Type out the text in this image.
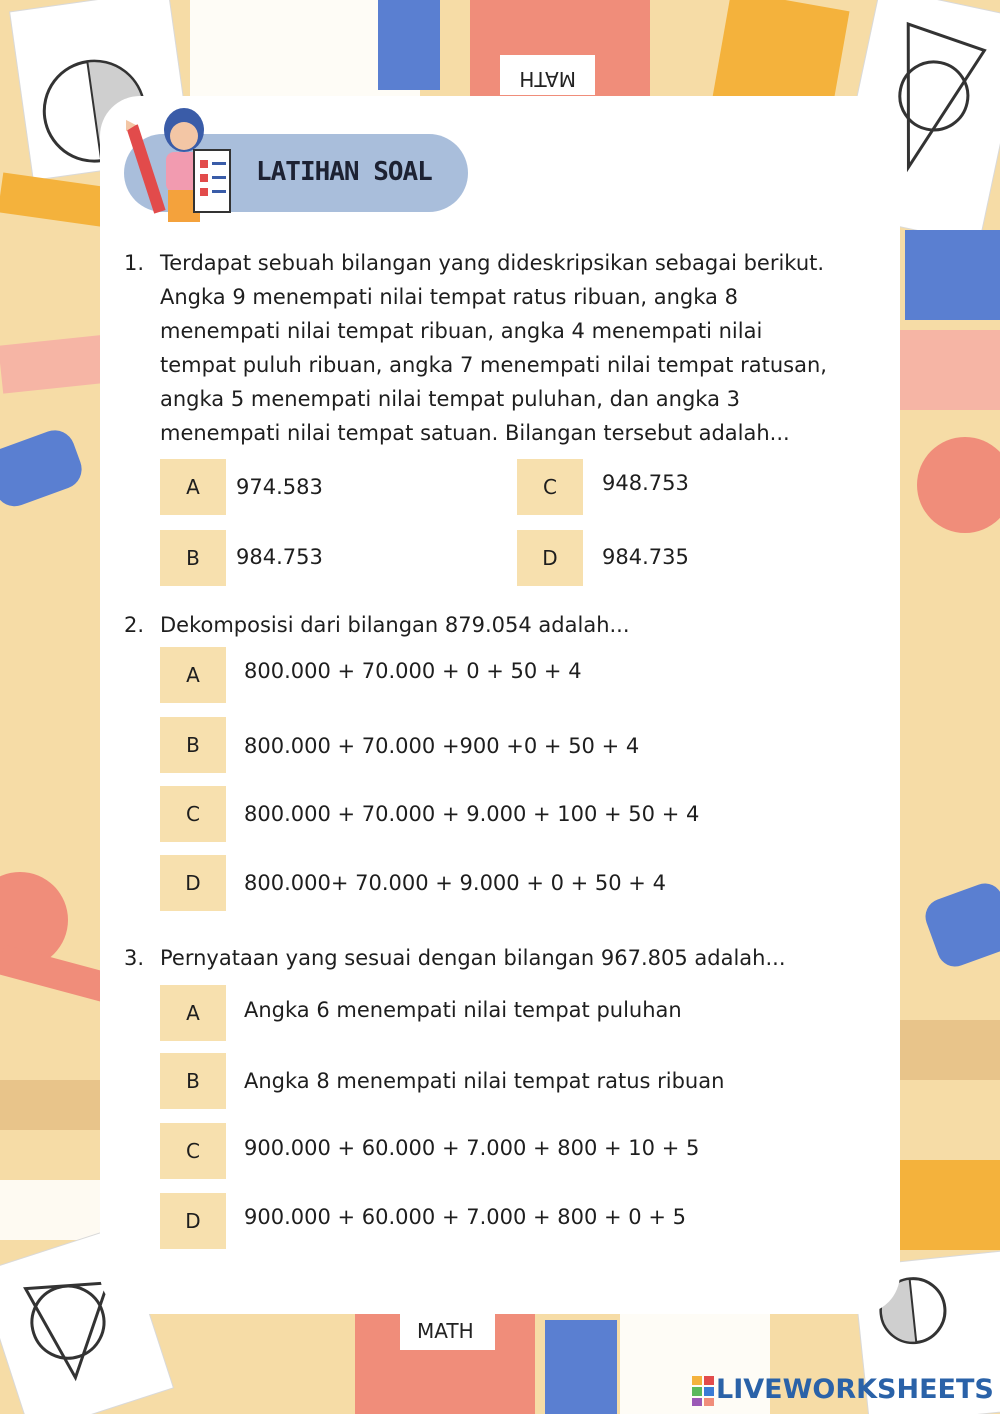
MATH
MATH
LATIHAN SOAL
1. Terdapat sebuah bilangan yang dideskripsikan sebagai berikut.
Angka 9 menempati nilai tempat ratus ribuan, angka 8
menempati nilai tempat ribuan, angka 4 menempati nilai
tempat puluh ribuan, angka 7 menempati nilai tempat ratusan,
angka 5 menempati nilai tempat puluhan, dan angka 3
menempati nilai tempat satuan. Bilangan tersebut adalah...
A	974.583	C	948.753
B	984.753	D	984.735
2. Dekomposisi dari bilangan 879.054 adalah...
A	800.000 + 70.000 + 0 + 50 + 4
B	800.000 + 70.000 +900 +0 + 50 + 4
C	800.000 + 70.000 + 9.000 + 100 + 50 + 4
D	800.000+ 70.000 + 9.000 + 0 + 50 + 4
3. Pernyataan yang sesuai dengan bilangan 967.805 adalah...
A	Angka 6 menempati nilai tempat puluhan
B	Angka 8 menempati nilai tempat ratus ribuan
C	900.000 + 60.000 + 7.000 + 800 + 10 + 5
D	900.000 + 60.000 + 7.000 + 800 + 0 + 5
LIVEWORKSHEETS
